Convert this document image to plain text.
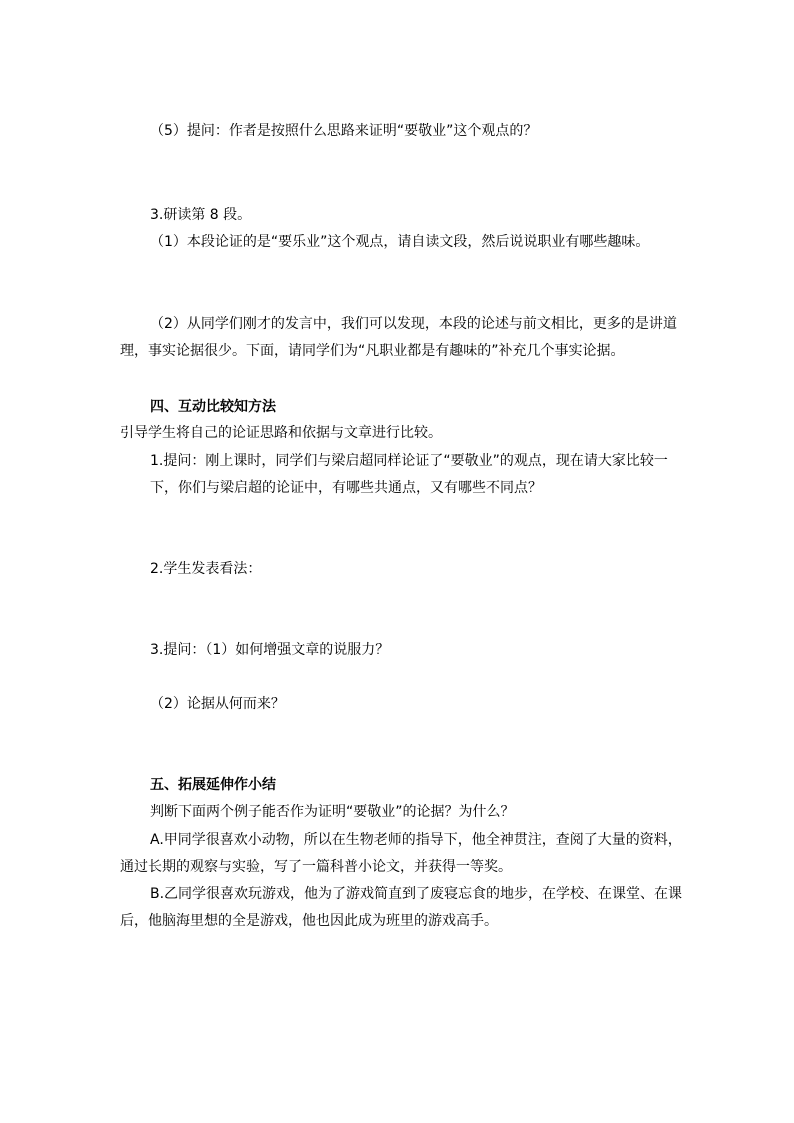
（5）提问：作者是按照什么思路来证明“要敬业”这个观点的？
3.研读第 8 段。
（1）本段论证的是“要乐业”这个观点，请自读文段，然后说说职业有哪些趣味。
（2）从同学们刚才的发言中，我们可以发现，本段的论述与前文相比，更多的是讲道
理，事实论据很少。下面，请同学们为“凡职业都是有趣味的”补充几个事实论据。
四、互动比较知方法
引导学生将自己的论证思路和依据与文章进行比较。
1.提问：刚上课时，同学们与梁启超同样论证了“要敬业”的观点，现在请大家比较一
下，你们与梁启超的论证中，有哪些共通点，又有哪些不同点？
2.学生发表看法：
3.提问：（1）如何增强文章的说服力？
（2）论据从何而来？
五、拓展延伸作小结
判断下面两个例子能否作为证明“要敬业”的论据？为什么？
A.甲同学很喜欢小动物，所以在生物老师的指导下，他全神贯注，查阅了大量的资料，
通过长期的观察与实验，写了一篇科普小论文，并获得一等奖。
B.乙同学很喜欢玩游戏，他为了游戏简直到了废寝忘食的地步，在学校、在课堂、在课
后，他脑海里想的全是游戏，他也因此成为班里的游戏高手。
